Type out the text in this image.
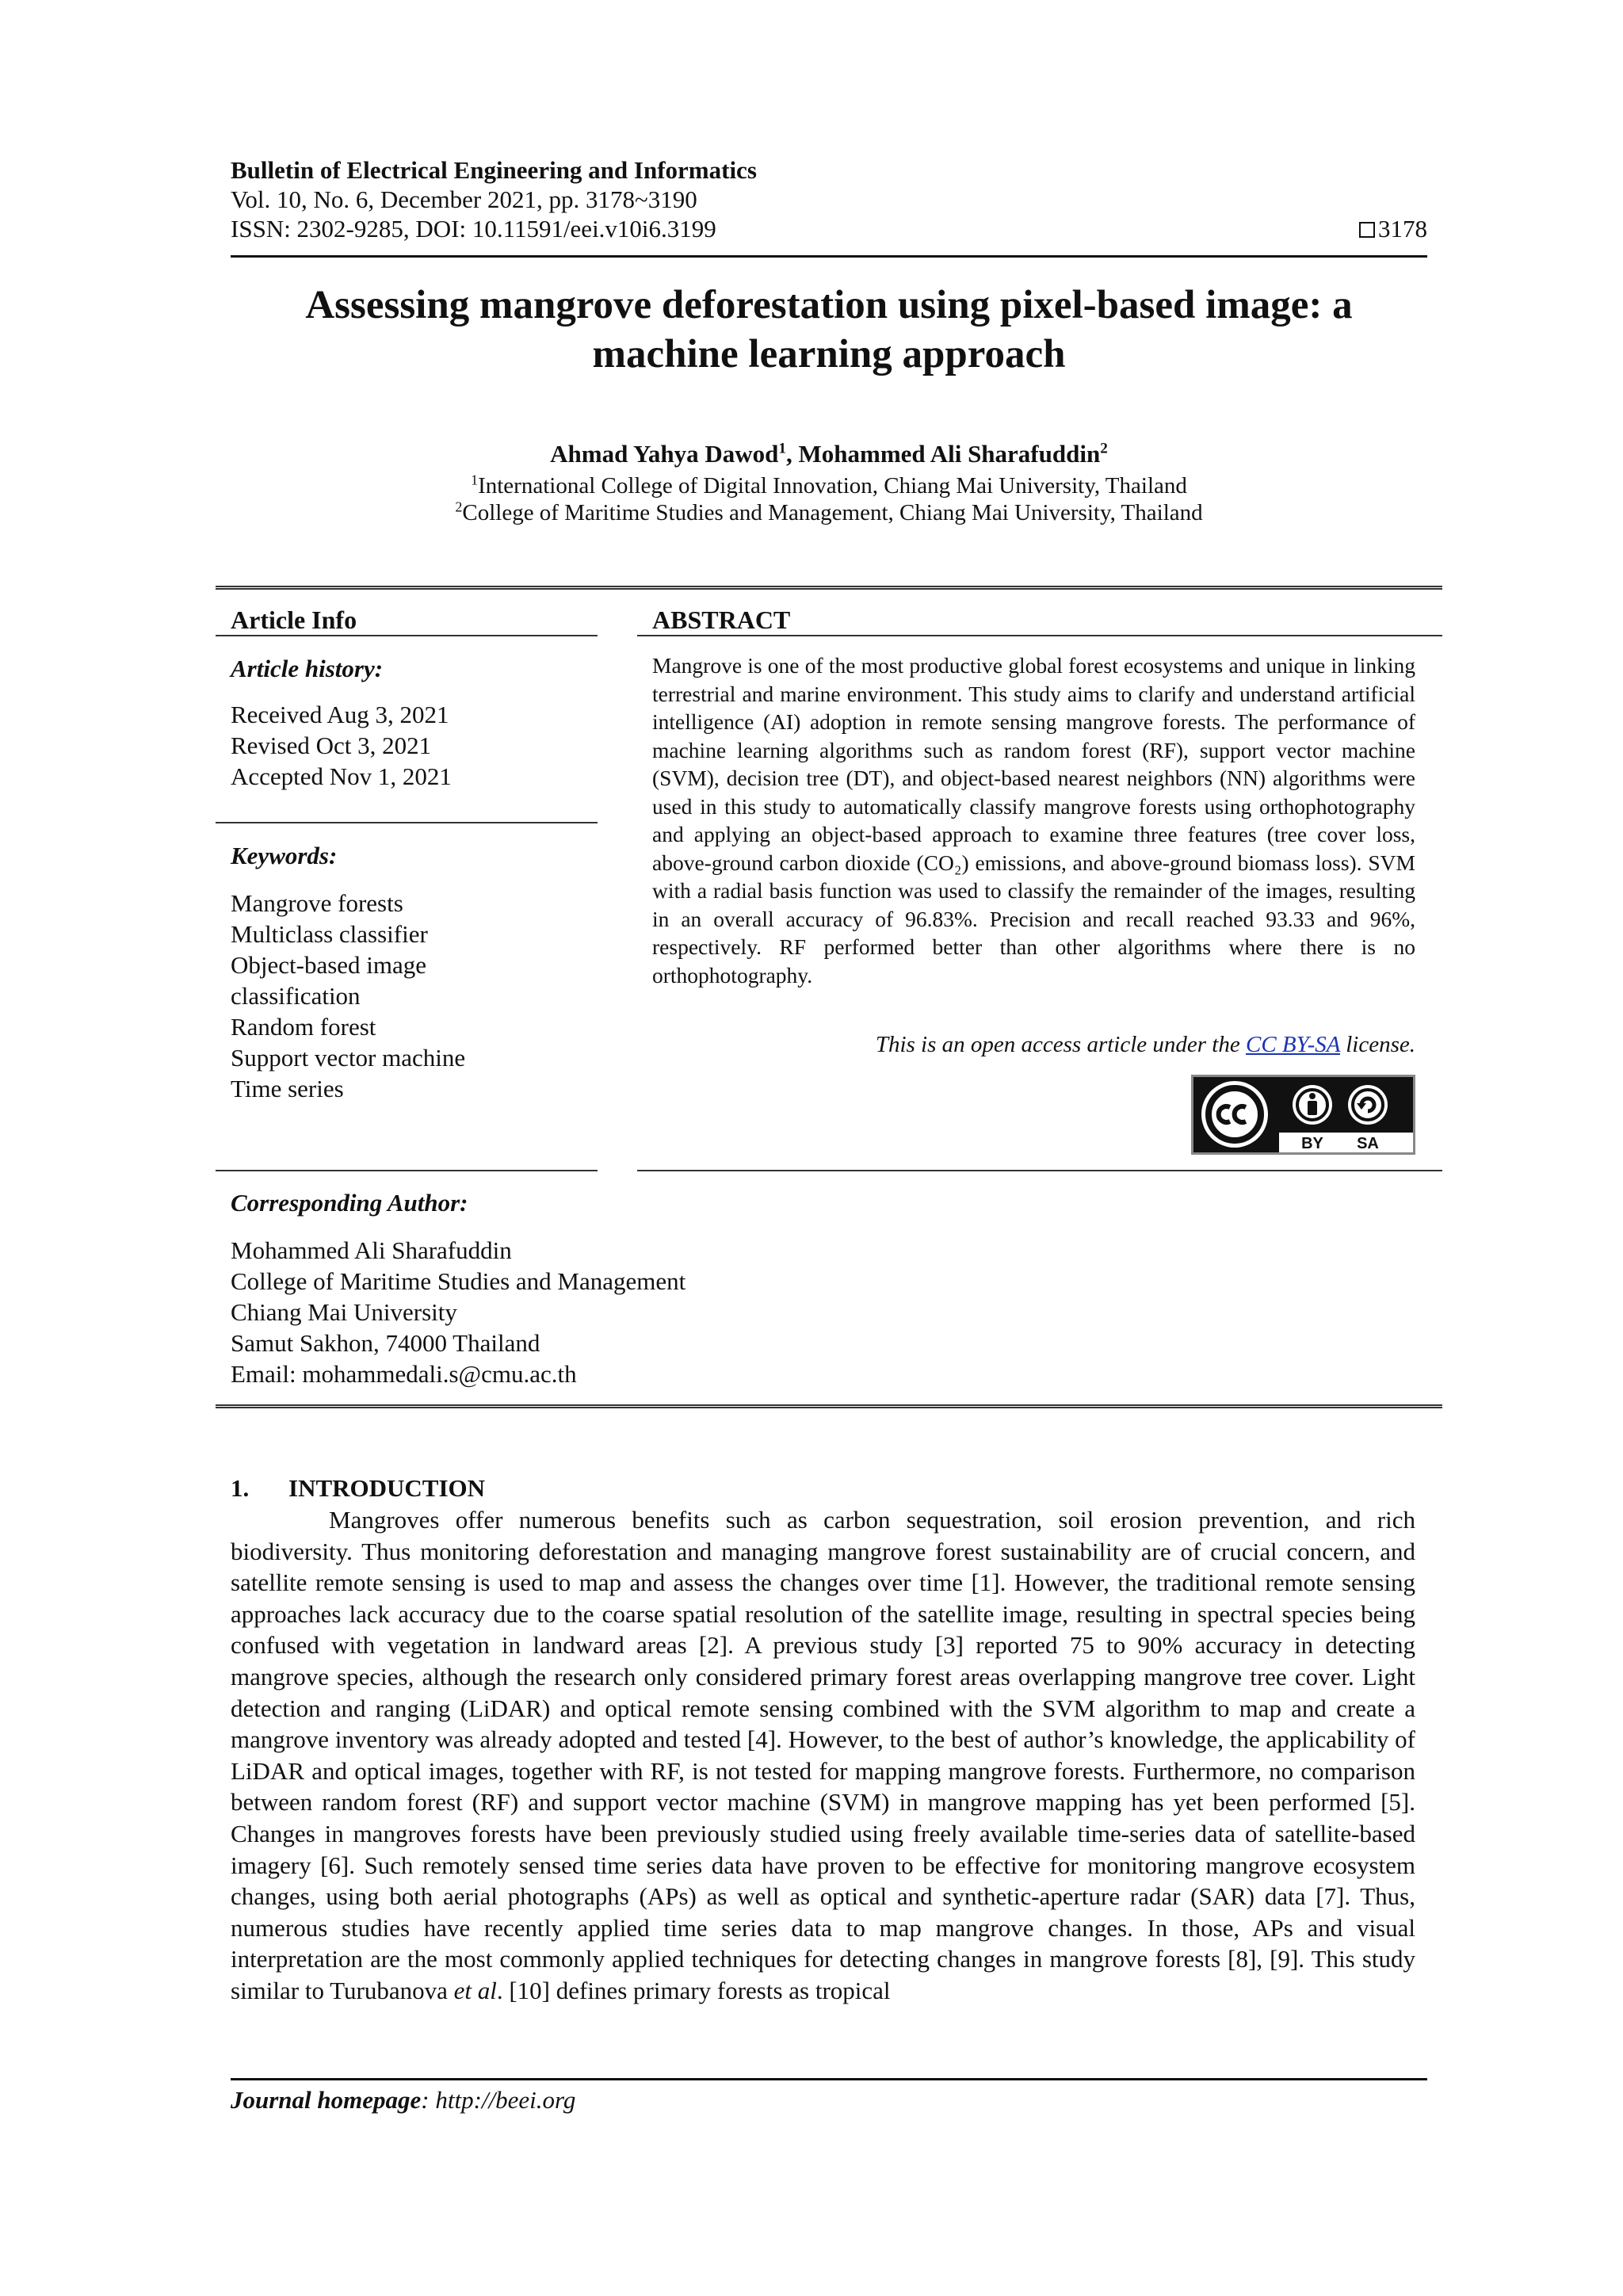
Bulletin of Electrical Engineering and Informatics
Vol. 10, No. 6, December 2021, pp. 3178~3190
ISSN: 2302-9285, DOI: 10.11591/eei.v10i6.3199	3178
Assessing mangrove deforestation using pixel-based image: a
machine learning approach
Ahmad Yahya Dawod$^1$, Mohammed Ali Sharafuddin$^2$
$^1$International College of Digital Innovation, Chiang Mai University, Thailand
$^2$College of Maritime Studies and Management, Chiang Mai University, Thailand
Article Info
Article history:
Received Aug 3, 2021
Revised Oct 3, 2021
Accepted Nov 1, 2021
Keywords:
Mangrove forests
Multiclass classifier
Object-based image
classification
Random forest
Support vector machine
Time series
ABSTRACT
Mangrove is one of the most productive global forest ecosystems and unique in linking terrestrial and marine environment. This study aims to clarify and understand artificial intelligence (AI) adoption in remote sensing mangrove forests. The performance of machine learning algorithms such as random forest (RF), support vector machine (SVM), decision tree (DT), and object-based nearest neighbors (NN) algorithms were used in this study to automatically classify mangrove forests using orthophotography and applying an object-based approach to examine three features (tree cover loss, above-ground carbon dioxide (CO₂) emissions, and above-ground biomass loss). SVM with a radial basis function was used to classify the remainder of the images, resulting in an overall accuracy of 96.83%. Precision and recall reached 93.33 and 96%, respectively. RF performed better than other algorithms where there is no orthophotography.
This is an open access article under the CC BY-SA license.
BY SA
Corresponding Author:
Mohammed Ali Sharafuddin
College of Maritime Studies and Management
Chiang Mai University
Samut Sakhon, 74000 Thailand
Email: mohammedali.s@cmu.ac.th
1. INTRODUCTION
Mangroves offer numerous benefits such as carbon sequestration, soil erosion prevention, and rich biodiversity. Thus monitoring deforestation and managing mangrove forest sustainability are of crucial concern, and satellite remote sensing is used to map and assess the changes over time [1]. However, the traditional remote sensing approaches lack accuracy due to the coarse spatial resolution of the satellite image, resulting in spectral species being confused with vegetation in landward areas [2]. A previous study [3] reported 75 to 90% accuracy in detecting mangrove species, although the research only considered primary forest areas overlapping mangrove tree cover. Light detection and ranging (LiDAR) and optical remote sensing combined with the SVM algorithm to map and create a mangrove inventory was already adopted and tested [4]. However, to the best of author’s knowledge, the applicability of LiDAR and optical images, together with RF, is not tested for mapping mangrove forests. Furthermore, no comparison between random forest (RF) and support vector machine (SVM) in mangrove mapping has yet been performed [5]. Changes in mangroves forests have been previously studied using freely available time-series data of satellite-based imagery [6]. Such remotely sensed time series data have proven to be effective for monitoring mangrove ecosystem changes, using both aerial photographs (APs) as well as optical and synthetic-aperture radar (SAR) data [7]. Thus, numerous studies have recently applied time series data to map mangrove changes. In those, APs and visual interpretation are the most commonly applied techniques for detecting changes in mangrove forests [8], [9]. This study similar to Turubanova et al. [10] defines primary forests as tropical
Journal homepage: http://beei.org
